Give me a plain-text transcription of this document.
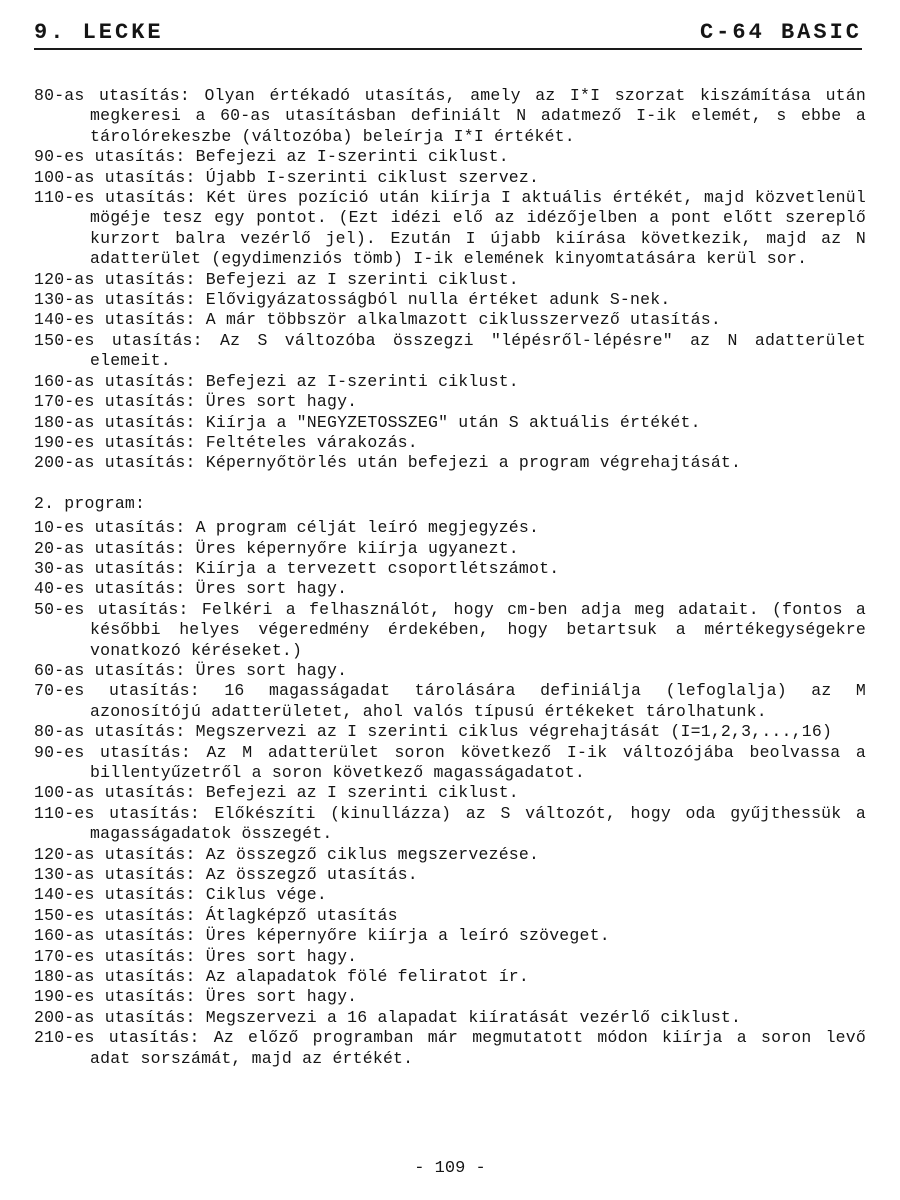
9. LECKE	C-64 BASIC
80-as utasítás: Olyan értékadó utasítás, amely az I*I szorzat kiszámítása után megkeresi a 60-as utasításban definiált N adatmező I-ik elemét, s ebbe a tárolórekeszbe (változóba) beleírja I*I értékét.
90-es utasítás: Befejezi az I-szerinti ciklust.
100-as utasítás: Újabb I-szerinti ciklust szervez.
110-es utasítás: Két üres pozíció után kiírja I aktuális értékét, majd közvetlenül mögéje tesz egy pontot. (Ezt idézi elő az idézőjelben a pont előtt szereplő kurzort balra vezérlő jel). Ezután I újabb kiírása következik, majd az N adatterület (egydimenziós tömb) I-ik elemének kinyomtatására kerül sor.
120-as utasítás: Befejezi az I szerinti ciklust.
130-as utasítás: Elővigyázatosságból nulla értéket adunk S-nek.
140-es utasítás: A már többször alkalmazott ciklusszervező utasítás.
150-es utasítás: Az S változóba összegzi "lépésről-lépésre" az N adatterület elemeit.
160-as utasítás: Befejezi az I-szerinti ciklust.
170-es utasítás: Üres sort hagy.
180-as utasítás: Kiírja a "NEGYZETOSSZEG" után S aktuális értékét.
190-es utasítás: Feltételes várakozás.
200-as utasítás: Képernyőtörlés után befejezi a program végrehajtását.
2. program:
10-es utasítás: A program célját leíró megjegyzés.
20-as utasítás: Üres képernyőre kiírja ugyanezt.
30-as utasítás: Kiírja a tervezett csoportlétszámot.
40-es utasítás: Üres sort hagy.
50-es utasítás: Felkéri a felhasználót, hogy cm-ben adja meg adatait. (fontos a későbbi helyes végeredmény érdekében, hogy betartsuk a mértékegységekre vonatkozó kéréseket.)
60-as utasítás: Üres sort hagy.
70-es utasítás: 16 magasságadat tárolására definiálja (lefoglalja) az M azonosítójú adatterületet, ahol valós típusú értékeket tárolhatunk.
80-as utasítás: Megszervezi az I szerinti ciklus végrehajtását (I=1,2,3,...,16)
90-es utasítás: Az M adatterület soron következő I-ik változójába beolvassa a billentyűzetről a soron következő magasságadatot.
100-as utasítás: Befejezi az I szerinti ciklust.
110-es utasítás: Előkészíti (kinullázza) az S változót, hogy oda gyűjthessük a magasságadatok összegét.
120-as utasítás: Az összegző ciklus megszervezése.
130-as utasítás: Az összegző utasítás.
140-es utasítás: Ciklus vége.
150-es utasítás: Átlagképző utasítás
160-as utasítás: Üres képernyőre kiírja a leíró szöveget.
170-es utasítás: Üres sort hagy.
180-as utasítás: Az alapadatok fölé feliratot ír.
190-es utasítás: Üres sort hagy.
200-as utasítás: Megszervezi a 16 alapadat kiíratását vezérlő ciklust.
210-es utasítás: Az előző programban már megmutatott módon kiírja a soron levő adat sorszámát, majd az értékét.
- 109 -
